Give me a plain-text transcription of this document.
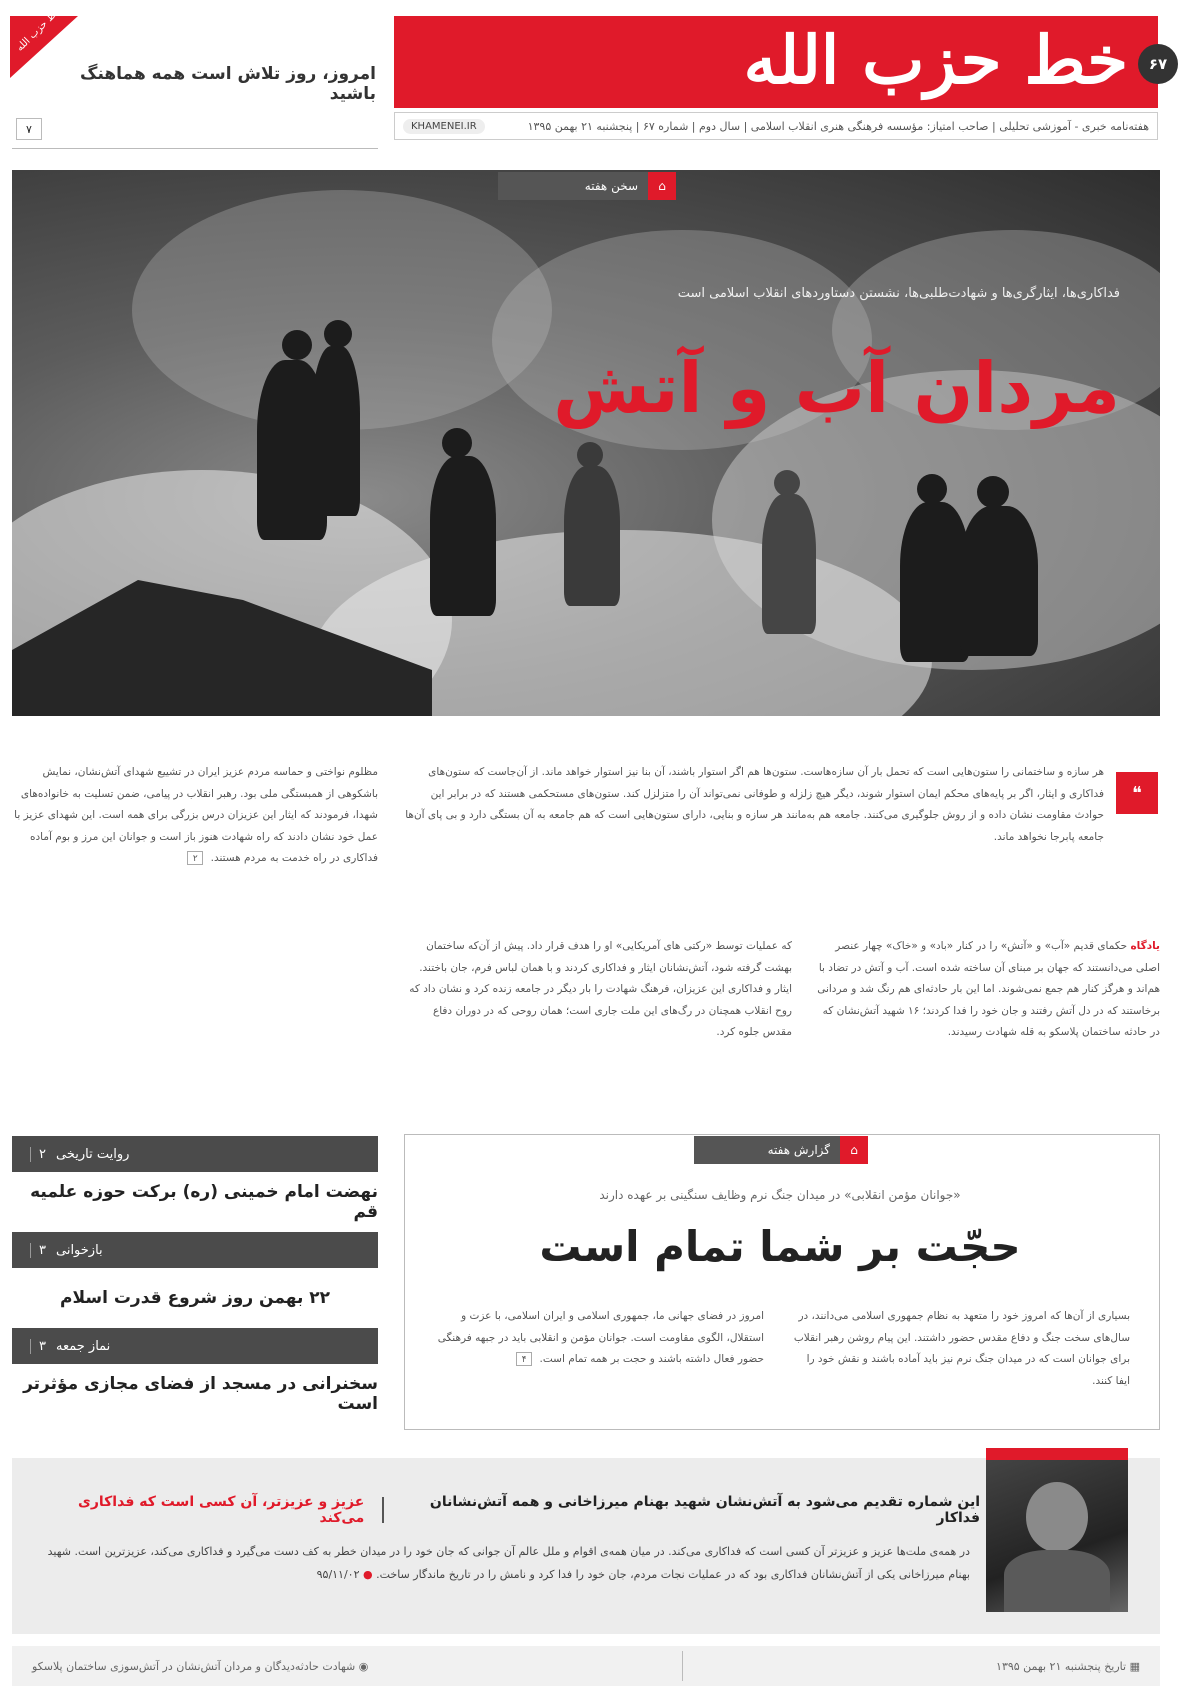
خط حزب الله	۶۷
هفته‌نامه خبری - آموزشی تحلیلی | صاحب امتیاز: مؤسسه فرهنگی هنری انقلاب اسلامی | سال دوم | شماره ۶۷ | پنجشنبه ۲۱ بهمن ۱۳۹۵
KHAMENEI.IR
خط حزب الله
امروز، روز تلاش است همه هماهنگ باشید
۷
سخن هفته	⌂
فداکاری‌ها، ایثارگری‌ها و شهادت‌طلبی‌ها، نشستن دستاوردهای انقلاب اسلامی است
مردان آب و آتش
❝
هر سازه و ساختمانی را ستون‌هایی است که تحمل بار آن سازه‌هاست. ستون‌ها هم اگر استوار باشند، آن بنا نیز استوار خواهد ماند. از آن‌جاست که ستون‌های فداکاری و ایثار، اگر بر پایه‌های محکم ایمان استوار شوند، دیگر هیچ زلزله و طوفانی نمی‌تواند آن را متزلزل کند. ستون‌های مستحکمی هستند که در برابر این حوادث مقاومت نشان داده و از روش جلوگیری می‌کنند. جامعه هم به‌مانند هر سازه و بنایی، دارای ستون‌هایی است که هم جامعه به آن بستگی دارد و بی پای آن‌ها جامعه پابرجا نخواهد ماند.
یادگاه حکمای قدیم «آب» و «آتش» را در کنار «باد» و «خاک» چهار عنصر اصلی می‌دانستند که جهان بر مبنای آن ساخته شده است. آب و آتش در تضاد با هم‌اند و هرگز کنار هم جمع نمی‌شوند. اما این بار حادثه‌ای هم رنگ شد و مردانی برخاستند که در دل آتش رفتند و جان خود را فدا کردند؛ ۱۶ شهید آتش‌نشان که در حادثه ساختمان پلاسکو به قله شهادت رسیدند.
که عملیات توسط «رکتی های آمریکایی» او را هدف قرار داد. پیش از آن‌که ساختمان بهشت گرفته شود، آتش‌نشانان ایثار و فداکاری کردند و با همان لباس فرم، جان باختند. ایثار و فداکاری این عزیزان، فرهنگ شهادت را بار دیگر در جامعه زنده کرد و نشان داد که روح انقلاب همچنان در رگ‌های این ملت جاری است؛ همان روحی که در دوران دفاع مقدس جلوه کرد.
مظلوم نواختی و حماسه مردم عزیز ایران در تشییع شهدای آتش‌نشان، نمایش باشکوهی از همبستگی ملی بود. رهبر انقلاب در پیامی، ضمن تسلیت به خانواده‌های شهدا، فرمودند که ایثار این عزیزان درس بزرگی برای همه است. این شهدای عزیز با عمل خود نشان دادند که راه شهادت هنوز باز است و جوانان این مرز و بوم آماده فداکاری در راه خدمت به مردم هستند. ۲
روایت تاریخی
۲
نهضت امام خمینی (ره) برکت حوزه علمیه قم
بازخوانی
۳
۲۲ بهمن روز شروع قدرت اسلام
نماز جمعه
۳
سخنرانی در مسجد از فضای مجازی مؤثرتر است
گزارش هفته	⌂
«جوانان مؤمن انقلابی» در میدان جنگ نرم وظایف سنگینی بر عهده دارند
حجّت بر شما تمام است
بسیاری از آن‌ها که امروز خود را متعهد به نظام جمهوری اسلامی می‌دانند، در سال‌های سخت جنگ و دفاع مقدس حضور داشتند. این پیام روشن رهبر انقلاب برای جوانان است که در میدان جنگ نرم نیز باید آماده باشند و نقش خود را ایفا کنند.
امروز در فضای جهانی ما، جمهوری اسلامی و ایران اسلامی، با عزت و استقلال، الگوی مقاومت است. جوانان مؤمن و انقلابی باید در جبهه فرهنگی حضور فعال داشته باشند و حجت بر همه تمام است. ۴
این شماره تقدیم می‌شود به آتش‌نشان شهید بهنام میرزاخانی و همه آتش‌نشانان فداکار
عزیز و عزیزتر، آن کسی است که فداکاری می‌کند
در همه‌ی ملت‌ها عزیز و عزیزتر آن کسی است که فداکاری می‌کند. در میان همه‌ی اقوام و ملل عالم آن جوانی که جان خود را در میدان خطر به کف دست می‌گیرد و فداکاری می‌کند، عزیزترین است. شهید بهنام میرزاخانی یکی از آتش‌نشانان فداکاری بود که در عملیات نجات مردم، جان خود را فدا کرد و نامش را در تاریخ ماندگار ساخت. ● ۹۵/۱۱/۰۲
▦ تاریخ پنجشنبه ۲۱ بهمن ۱۳۹۵
◉ شهادت حادثه‌دیدگان و مردان آتش‌نشان در آتش‌سوزی ساختمان پلاسکو
